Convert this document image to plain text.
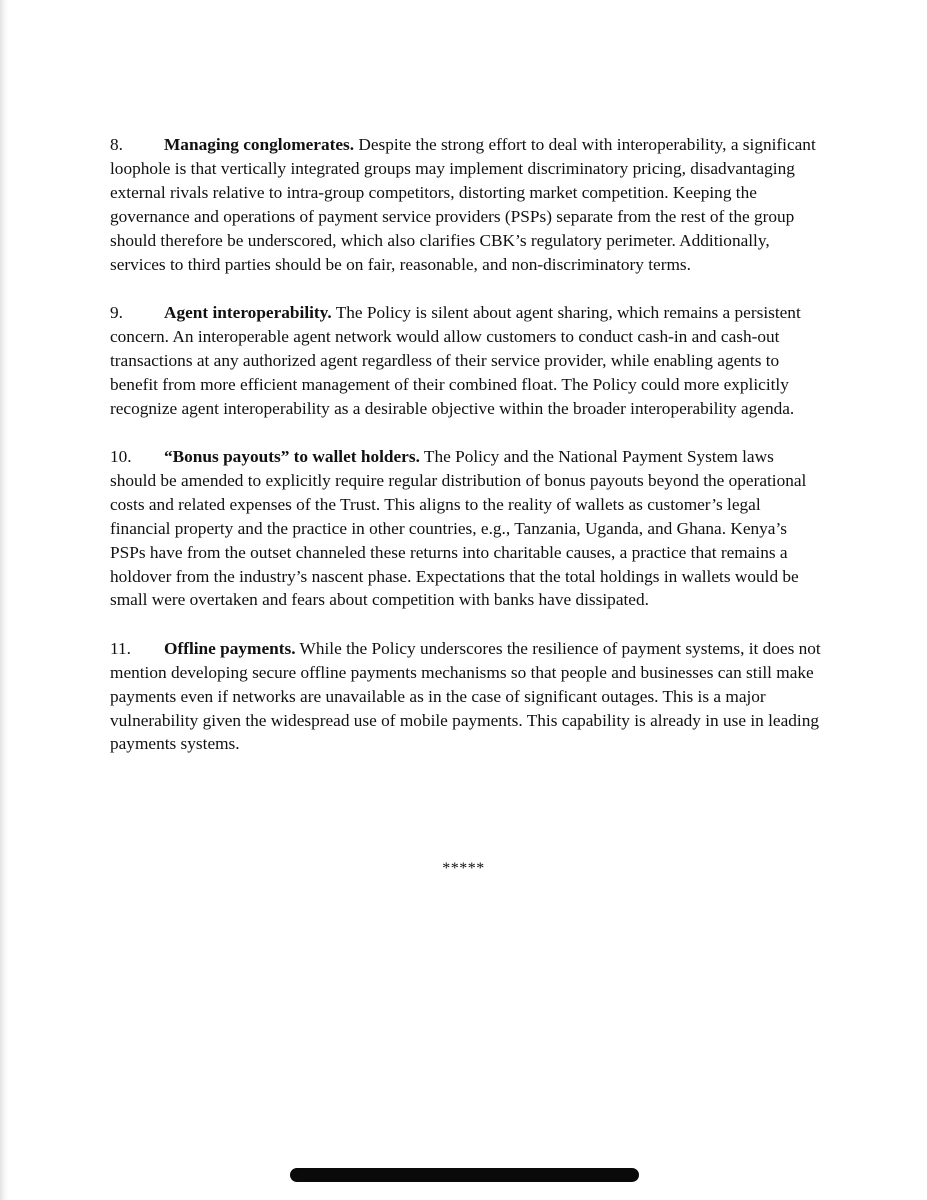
8. Managing conglomerates. Despite the strong effort to deal with interoperability, a significant loophole is that vertically integrated groups may implement discriminatory pricing, disadvantaging external rivals relative to intra-group competitors, distorting market competition. Keeping the governance and operations of payment service providers (PSPs) separate from the rest of the group should therefore be underscored, which also clarifies CBK’s regulatory perimeter. Additionally, services to third parties should be on fair, reasonable, and non-discriminatory terms.

9. Agent interoperability. The Policy is silent about agent sharing, which remains a persistent concern. An interoperable agent network would allow customers to conduct cash-in and cash-out transactions at any authorized agent regardless of their service provider, while enabling agents to benefit from more efficient management of their combined float. The Policy could more explicitly recognize agent interoperability as a desirable objective within the broader interoperability agenda.

10. “Bonus payouts” to wallet holders. The Policy and the National Payment System laws should be amended to explicitly require regular distribution of bonus payouts beyond the operational costs and related expenses of the Trust. This aligns to the reality of wallets as customer’s legal financial property and the practice in other countries, e.g., Tanzania, Uganda, and Ghana. Kenya’s PSPs have from the outset channeled these returns into charitable causes, a practice that remains a holdover from the industry’s nascent phase. Expectations that the total holdings in wallets would be small were overtaken and fears about competition with banks have dissipated.

11. Offline payments. While the Policy underscores the resilience of payment systems, it does not mention developing secure offline payments mechanisms so that people and businesses can still make payments even if networks are unavailable as in the case of significant outages. This is a major vulnerability given the widespread use of mobile payments. This capability is already in use in leading payments systems.

*****
